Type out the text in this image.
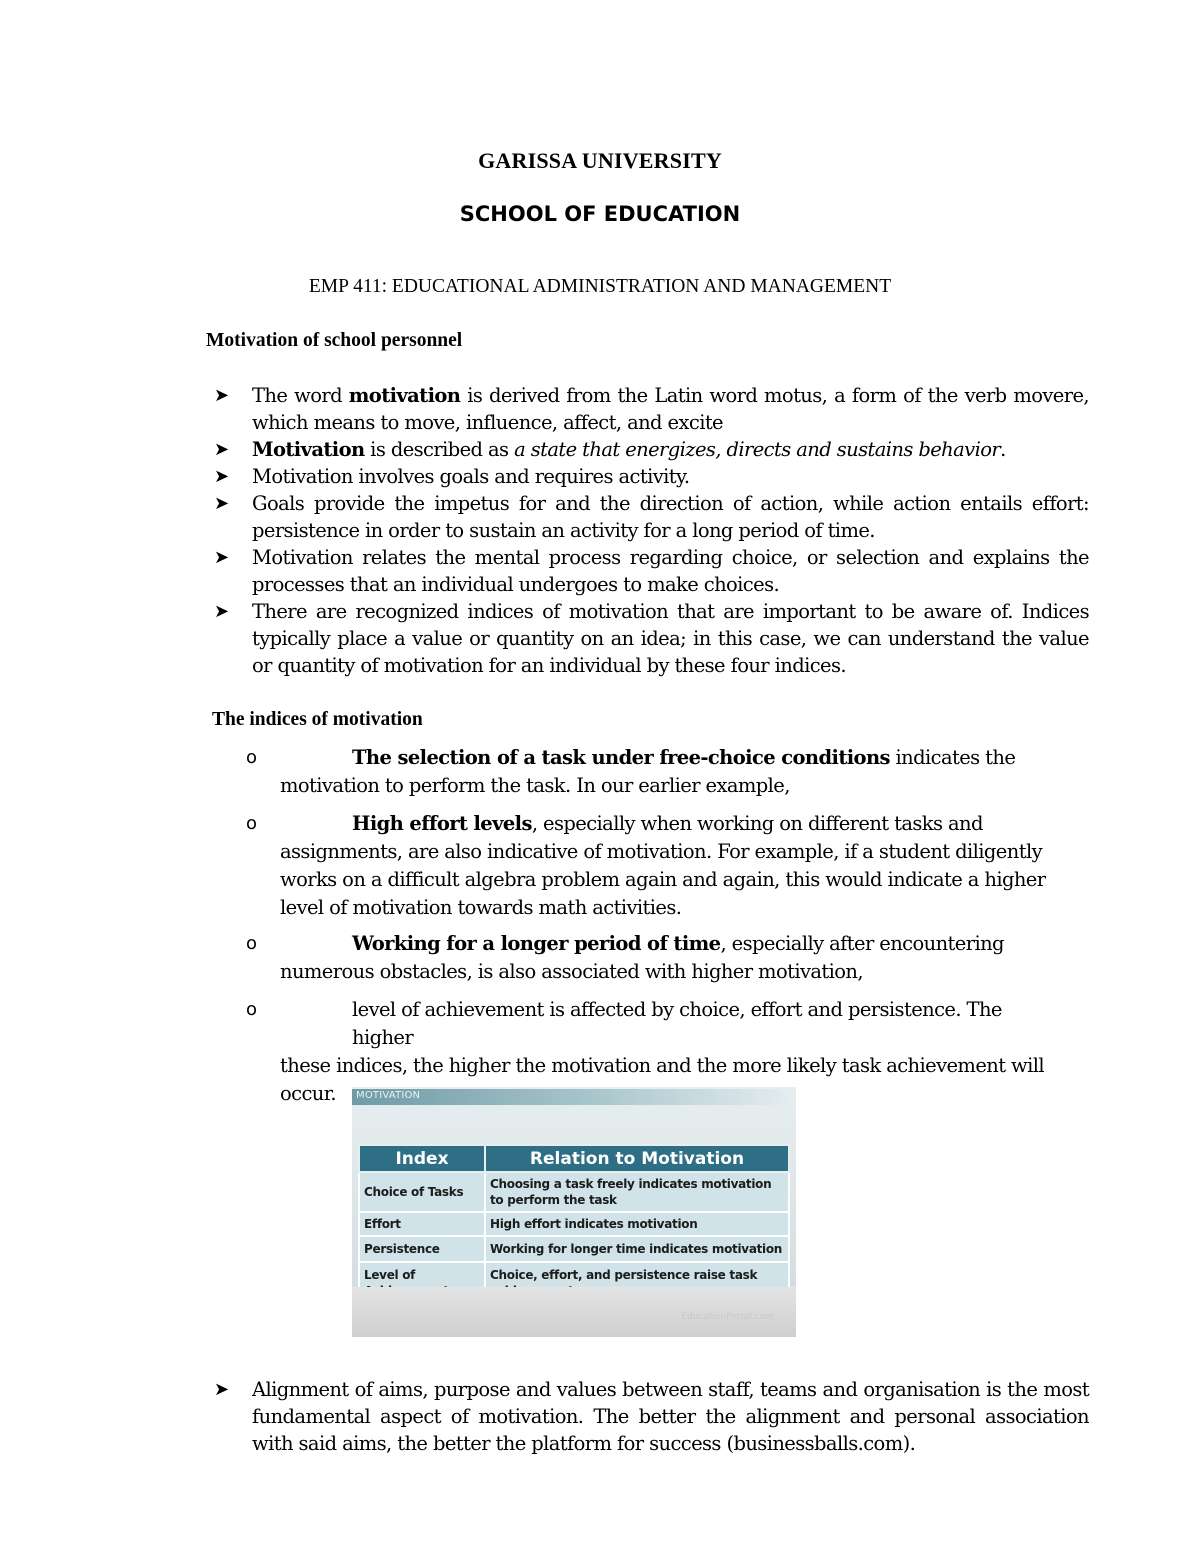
GARISSA UNIVERSITY
SCHOOL OF EDUCATION
EMP 411: EDUCATIONAL ADMINISTRATION AND MANAGEMENT
Motivation of school personnel
➤ The word motivation is derived from the Latin word motus, a form of the verb movere, which means to move, influence, affect, and excite
➤ Motivation is described as a state that energizes, directs and sustains behavior.
➤ Motivation involves goals and requires activity.
➤ Goals provide the impetus for and the direction of action, while action entails effort: persistence in order to sustain an activity for a long period of time.
➤ Motivation relates the mental process regarding choice, or selection and explains the processes that an individual undergoes to make choices.
➤ There are recognized indices of motivation that are important to be aware of. Indices typically place a value or quantity on an idea; in this case, we can understand the value or quantity of motivation for an individual by these four indices.
The indices of motivation
o	The selection of a task under free-choice conditions indicates the
motivation to perform the task. In our earlier example,
o	High effort levels, especially when working on different tasks and
assignments, are also indicative of motivation. For example, if a student diligently works on a difficult algebra problem again and again, this would indicate a higher level of motivation towards math activities.
o	Working for a longer period of time, especially after encountering
numerous obstacles, is also associated with higher motivation,
o	level of achievement is affected by choice, effort and persistence. The higher
these indices, the higher the motivation and the more likely task achievement will occur.	MOTIVATION
Index	Relation to Motivation
Choice of Tasks	Choosing a task freely indicates motivation to perform the task
Effort	High effort indicates motivation
Persistence	Working for longer time indicates motivation
Level of	Choice, effort, and persistence raise task
EducationPortal.com
➤ Alignment of aims, purpose and values between staff, teams and organisation is the most fundamental aspect of motivation. The better the alignment and personal association with said aims, the better the platform for success (businessballs.com).
